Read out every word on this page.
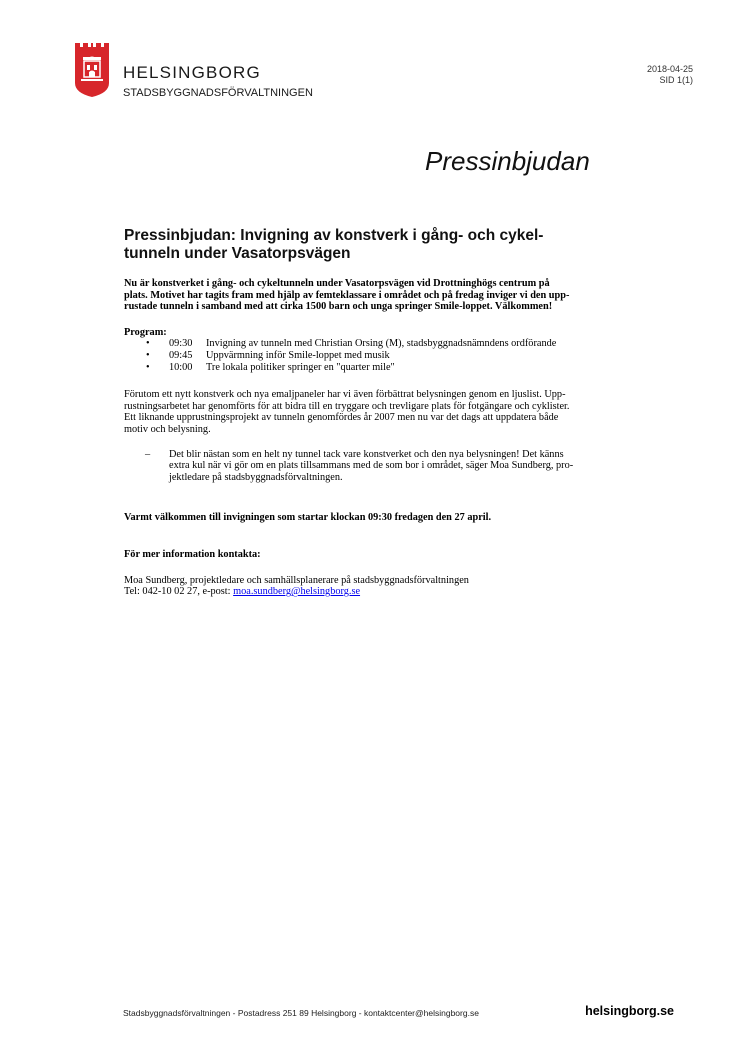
HELSINGBORG
STADSBYGGNADSFÖRVALTNINGEN
2018-04-25
SID 1(1)
Pressinbjudan
Pressinbjudan: Invigning av konstverk i gång- och cykel-
tunneln under Vasatorpsvägen

Nu är konstverket i gång- och cykeltunneln under Vasatorpsvägen vid Drottninghögs centrum på
plats. Motivet har tagits fram med hjälp av femteklassare i området och på fredag inviger vi den upp-
rustade tunneln i samband med att cirka 1500 barn och unga springer Smile-loppet. Välkommen!

Program:

• 09:30 Invigning av tunneln med Christian Orsing (M), stadsbyggnadsnämndens ordförande
• 09:45 Uppvärmning inför Smile-loppet med musik
• 10:00 Tre lokala politiker springer en "quarter mile"

Förutom ett nytt konstverk och nya emaljpaneler har vi även förbättrat belysningen genom en ljuslist. Upp-
rustningsarbetet har genomförts för att bidra till en tryggare och trevligare plats för fotgängare och cyklister.
Ett liknande upprustningsprojekt av tunneln genomfördes år 2007 men nu var det dags att uppdatera både
motiv och belysning.

– Det blir nästan som en helt ny tunnel tack vare konstverket och den nya belysningen! Det känns
extra kul när vi gör om en plats tillsammans med de som bor i området, säger Moa Sundberg, pro-
jektledare på stadsbyggnadsförvaltningen.

Varmt välkommen till invigningen som startar klockan 09:30 fredagen den 27 april.

För mer information kontakta:

Moa Sundberg, projektledare och samhällsplanerare på stadsbyggnadsförvaltningen
Tel: 042-10 02 27, e-post: moa.sundberg@helsingborg.se

Stadsbyggnadsförvaltningen - Postadress 251 89 Helsingborg - kontaktcenter@helsingborg.se	helsingborg.se
